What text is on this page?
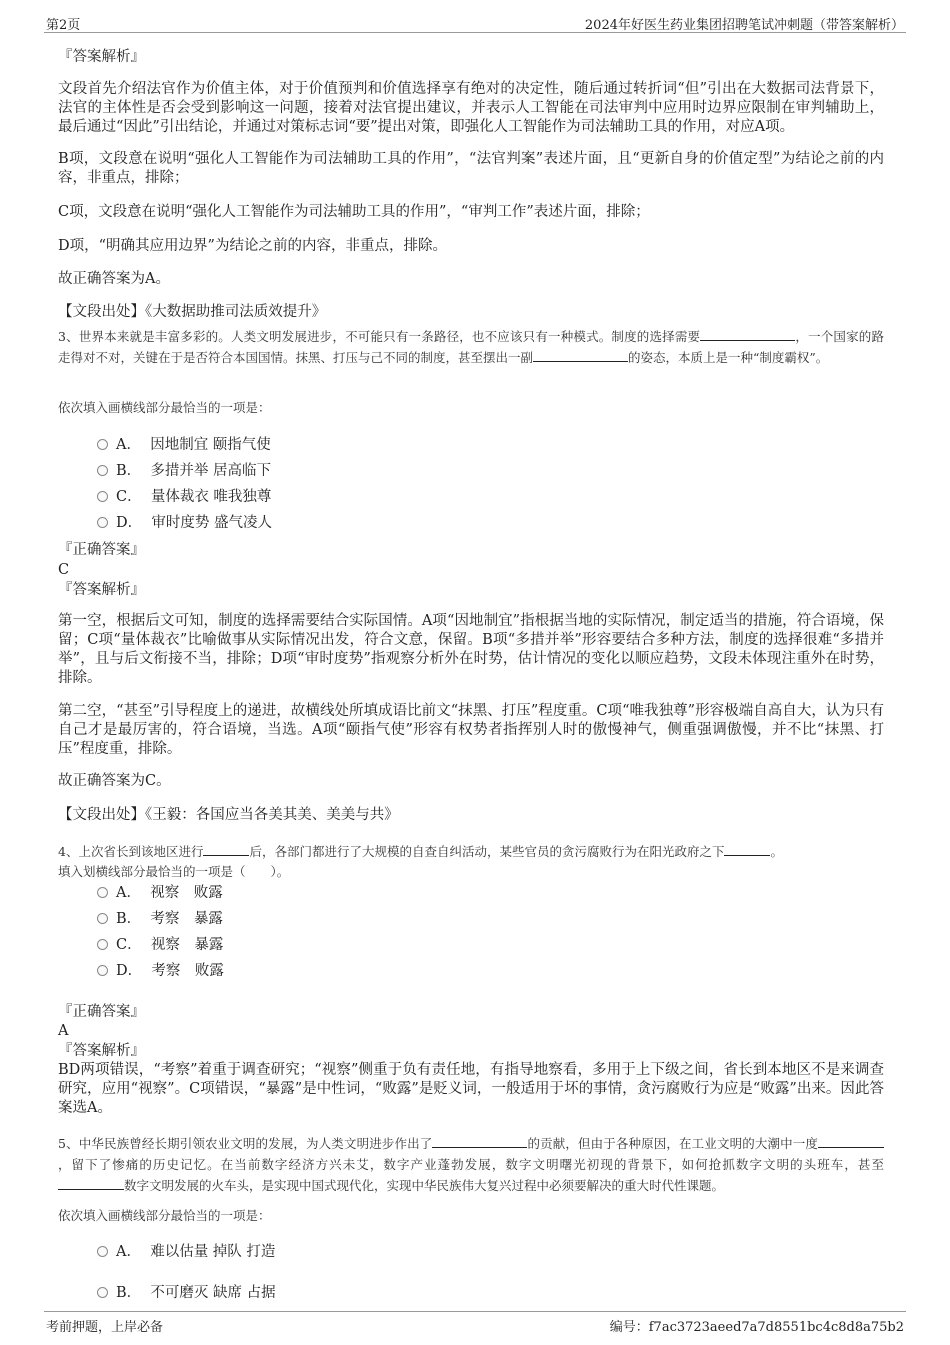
第2页	2024年好医生药业集团招聘笔试冲刺题（带答案解析）
『答案解析』
文段首先介绍法官作为价值主体，对于价值预判和价值选择享有绝对的决定性，随后通过转折词“但”引出在大数据司法背景下，法官的主体性是否会受到影响这一问题，接着对法官提出建议，并表示人工智能在司法审判中应用时边界应限制在审判辅助上，最后通过“因此”引出结论，并通过对策标志词“要”提出对策，即强化人工智能作为司法辅助工具的作用，对应A项。
B项，文段意在说明“强化人工智能作为司法辅助工具的作用”，“法官判案”表述片面，且“更新自身的价值定型”为结论之前的内容，非重点，排除；
C项，文段意在说明“强化人工智能作为司法辅助工具的作用”，“审判工作”表述片面，排除；
D项，“明确其应用边界”为结论之前的内容，非重点，排除。
故正确答案为A。
【文段出处】《大数据助推司法质效提升》
3、世界本来就是丰富多彩的。人类文明发展进步，不可能只有一条路径，也不应该只有一种模式。制度的选择需要	，一个国家的路走得对不对，关键在于是否符合本国国情。抹黑、打压与己不同的制度，甚至摆出一副	的姿态，本质上是一种“制度霸权”。
依次填入画横线部分最恰当的一项是：
A． 因地制宜 颐指气使
B． 多措并举 居高临下
C． 量体裁衣 唯我独尊
D． 审时度势 盛气凌人
『正确答案』
C
『答案解析』
第一空，根据后文可知，制度的选择需要结合实际国情。A项“因地制宜”指根据当地的实际情况，制定适当的措施，符合语境，保留；C项“量体裁衣”比喻做事从实际情况出发，符合文意，保留。B项“多措并举”形容要结合多种方法，制度的选择很难“多措并举”，且与后文衔接不当，排除；D项“审时度势”指观察分析外在时势，估计情况的变化以顺应趋势，文段未体现注重外在时势，排除。
第二空，“甚至”引导程度上的递进，故横线处所填成语比前文“抹黑、打压”程度重。C项“唯我独尊”形容极端自高自大，认为只有自己才是最厉害的，符合语境，当选。A项“颐指气使”形容有权势者指挥别人时的傲慢神气，侧重强调傲慢，并不比“抹黑、打压”程度重，排除。
故正确答案为C。
【文段出处】《王毅：各国应当各美其美、美美与共》
4、上次省长到该地区进行	后，各部门都进行了大规模的自查自纠活动，某些官员的贪污腐败行为在阳光政府之下	。
填入划横线部分最恰当的一项是（　　）。
A． 视察　败露
B． 考察　暴露
C． 视察　暴露
D． 考察　败露
『正确答案』
A
『答案解析』
BD两项错误，“考察”着重于调查研究；“视察”侧重于负有责任地，有指导地察看，多用于上下级之间，省长到本地区不是来调查研究，应用“视察”。C项错误，“暴露”是中性词，“败露”是贬义词，一般适用于坏的事情，贪污腐败行为应是“败露”出来。因此答案选A。
5、中华民族曾经长期引领农业文明的发展，为人类文明进步作出了	的贡献，但由于各种原因，在工业文明的大潮中一度，留下了惨痛的历史记忆。在当前数字经济方兴未艾，数字产业蓬勃发展，数字文明曙光初现的背景下，如何抢抓数字文明的头班车，甚至数字文明发展的火车头，是实现中国式现代化，实现中华民族伟大复兴过程中必须要解决的重大时代性课题。
依次填入画横线部分最恰当的一项是：
A． 难以估量 掉队 打造
B． 不可磨灭 缺席 占据
考前押题，上岸必备	编号：f7ac3723aeed7a7d8551bc4c8d8a75b2
